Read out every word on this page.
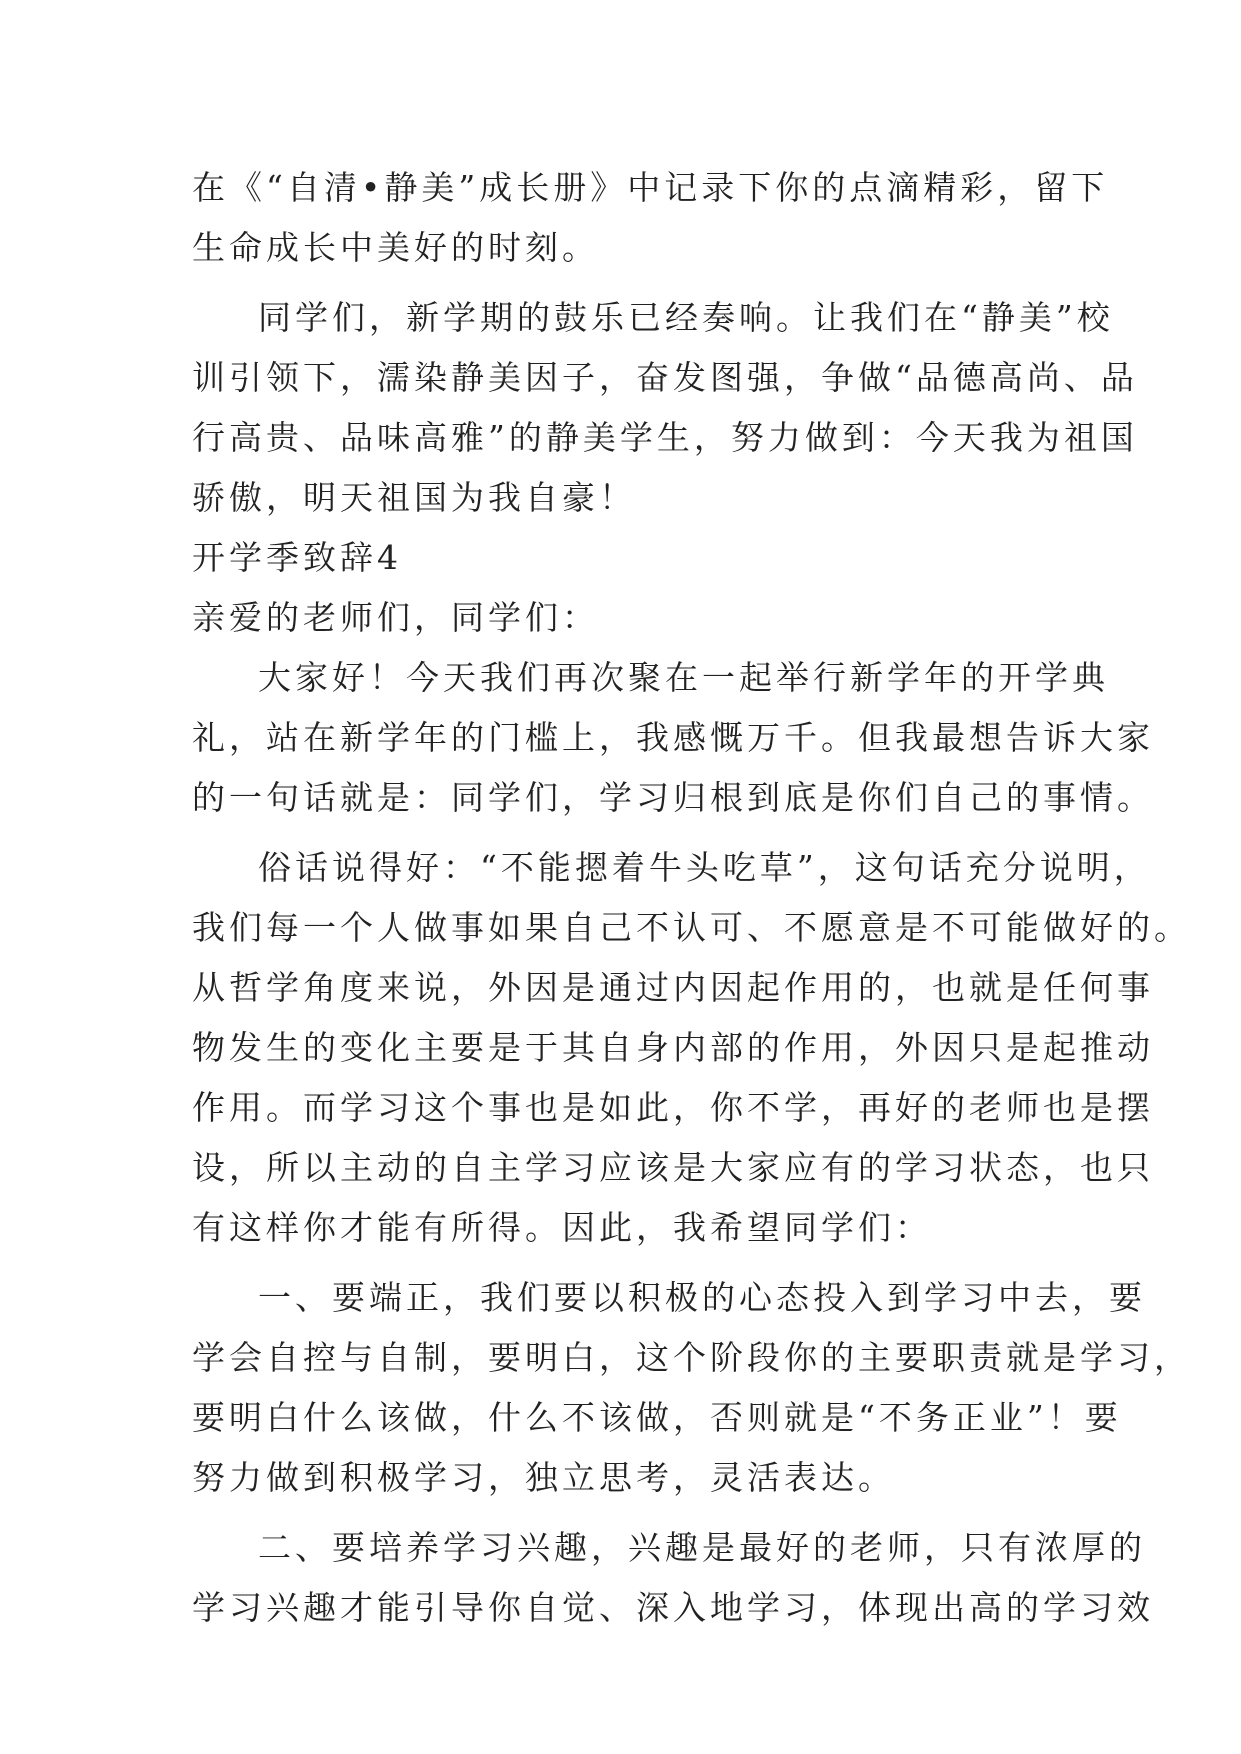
在《“自清•静美”成长册》中记录下你的点滴精彩，留下
生命成长中美好的时刻。
同学们，新学期的鼓乐已经奏响。让我们在“静美”校
训引领下，濡染静美因子，奋发图强，争做“品德高尚、品
行高贵、品味高雅”的静美学生，努力做到：今天我为祖国
骄傲，明天祖国为我自豪！
开学季致辞4
亲爱的老师们，同学们：
大家好！今天我们再次聚在一起举行新学年的开学典
礼，站在新学年的门槛上，我感慨万千。但我最想告诉大家
的一句话就是：同学们，学习归根到底是你们自己的事情。
俗话说得好：“不能摁着牛头吃草”，这句话充分说明，
我们每一个人做事如果自己不认可、不愿意是不可能做好的。
从哲学角度来说，外因是通过内因起作用的，也就是任何事
物发生的变化主要是于其自身内部的作用，外因只是起推动
作用。而学习这个事也是如此，你不学，再好的老师也是摆
设，所以主动的自主学习应该是大家应有的学习状态，也只
有这样你才能有所得。因此，我希望同学们：
一、要端正，我们要以积极的心态投入到学习中去，要
学会自控与自制，要明白，这个阶段你的主要职责就是学习，
要明白什么该做，什么不该做，否则就是“不务正业”！要
努力做到积极学习，独立思考，灵活表达。
二、要培养学习兴趣，兴趣是最好的老师，只有浓厚的
学习兴趣才能引导你自觉、深入地学习，体现出高的学习效
